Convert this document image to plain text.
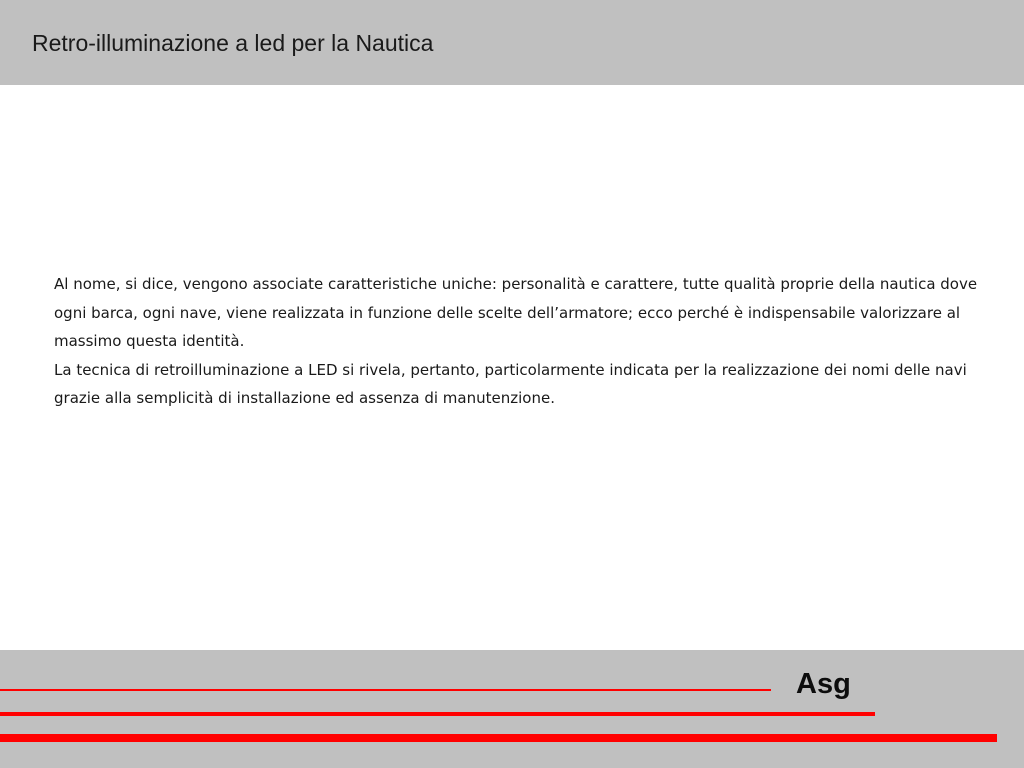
Retro-illuminazione a led per la Nautica

Al nome, si dice, vengono associate caratteristiche uniche: personalità e carattere, tutte qualità proprie della nautica dove ogni barca, ogni nave, viene realizzata in funzione delle scelte dell’armatore; ecco perché è indispensabile valorizzare al massimo questa identità.

La tecnica di retroilluminazione a LED si rivela, pertanto, particolarmente indicata per la realizzazione dei nomi delle navi grazie alla semplicità di installazione ed assenza di manutenzione.

Asg
